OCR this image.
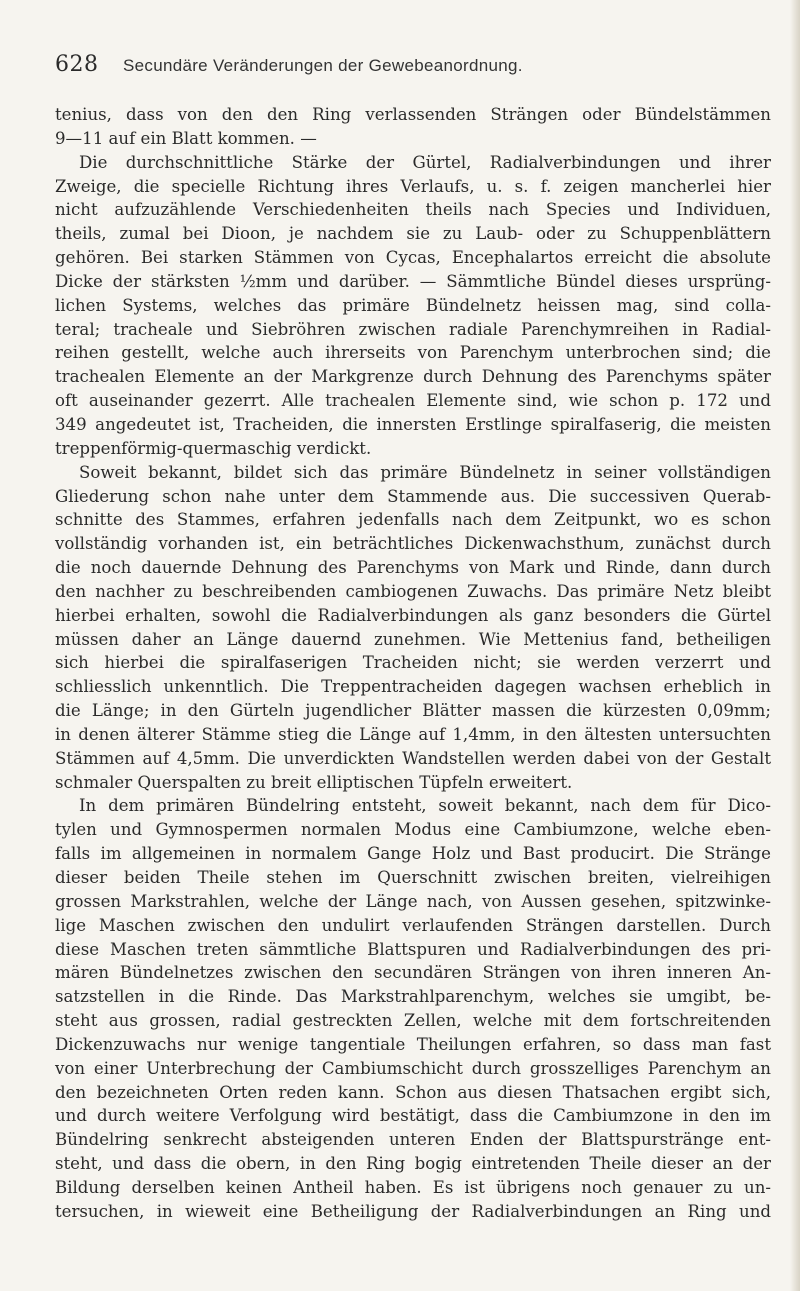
628 Secundäre Veränderungen der Gewebeanordnung.
tenius, dass von den den Ring verlassenden Strängen oder Bündelstämmen
9—11 auf ein Blatt kommen. —
Die durchschnittliche Stärke der Gürtel, Radialverbindungen und ihrer
Zweige, die specielle Richtung ihres Verlaufs, u. s. f. zeigen mancherlei hier
nicht aufzuzählende Verschiedenheiten theils nach Species und Individuen,
theils, zumal bei Dioon, je nachdem sie zu Laub- oder zu Schuppenblättern
gehören. Bei starken Stämmen von Cycas, Encephalartos erreicht die absolute
Dicke der stärksten ½mm und darüber. — Sämmtliche Bündel dieses ursprüng-
lichen Systems, welches das primäre Bündelnetz heissen mag, sind colla-
teral; tracheale und Siebröhren zwischen radiale Parenchymreihen in Radial-
reihen gestellt, welche auch ihrerseits von Parenchym unterbrochen sind; die
trachealen Elemente an der Markgrenze durch Dehnung des Parenchyms später
oft auseinander gezerrt. Alle trachealen Elemente sind, wie schon p. 172 und
349 angedeutet ist, Tracheiden, die innersten Erstlinge spiralfaserig, die meisten
treppenförmig-quermaschig verdickt.
Soweit bekannt, bildet sich das primäre Bündelnetz in seiner vollständigen
Gliederung schon nahe unter dem Stammende aus. Die successiven Querab-
schnitte des Stammes, erfahren jedenfalls nach dem Zeitpunkt, wo es schon
vollständig vorhanden ist, ein beträchtliches Dickenwachsthum, zunächst durch
die noch dauernde Dehnung des Parenchyms von Mark und Rinde, dann durch
den nachher zu beschreibenden cambiogenen Zuwachs. Das primäre Netz bleibt
hierbei erhalten, sowohl die Radialverbindungen als ganz besonders die Gürtel
müssen daher an Länge dauernd zunehmen. Wie Mettenius fand, betheiligen
sich hierbei die spiralfaserigen Tracheiden nicht; sie werden verzerrt und
schliesslich unkenntlich. Die Treppentracheiden dagegen wachsen erheblich in
die Länge; in den Gürteln jugendlicher Blätter massen die kürzesten 0,09mm;
in denen älterer Stämme stieg die Länge auf 1,4mm, in den ältesten untersuchten
Stämmen auf 4,5mm. Die unverdickten Wandstellen werden dabei von der Gestalt
schmaler Querspalten zu breit elliptischen Tüpfeln erweitert.
In dem primären Bündelring entsteht, soweit bekannt, nach dem für Dico-
tylen und Gymnospermen normalen Modus eine Cambiumzone, welche eben-
falls im allgemeinen in normalem Gange Holz und Bast producirt. Die Stränge
dieser beiden Theile stehen im Querschnitt zwischen breiten, vielreihigen
grossen Markstrahlen, welche der Länge nach, von Aussen gesehen, spitzwinke-
lige Maschen zwischen den undulirt verlaufenden Strängen darstellen. Durch
diese Maschen treten sämmtliche Blattspuren und Radialverbindungen des pri-
mären Bündelnetzes zwischen den secundären Strängen von ihren inneren An-
satzstellen in die Rinde. Das Markstrahlparenchym, welches sie umgibt, be-
steht aus grossen, radial gestreckten Zellen, welche mit dem fortschreitenden
Dickenzuwachs nur wenige tangentiale Theilungen erfahren, so dass man fast
von einer Unterbrechung der Cambiumschicht durch grosszelliges Parenchym an
den bezeichneten Orten reden kann. Schon aus diesen Thatsachen ergibt sich,
und durch weitere Verfolgung wird bestätigt, dass die Cambiumzone in den im
Bündelring senkrecht absteigenden unteren Enden der Blattspurstränge ent-
steht, und dass die obern, in den Ring bogig eintretenden Theile dieser an der
Bildung derselben keinen Antheil haben. Es ist übrigens noch genauer zu un-
tersuchen, in wieweit eine Betheiligung der Radialverbindungen an Ring und
